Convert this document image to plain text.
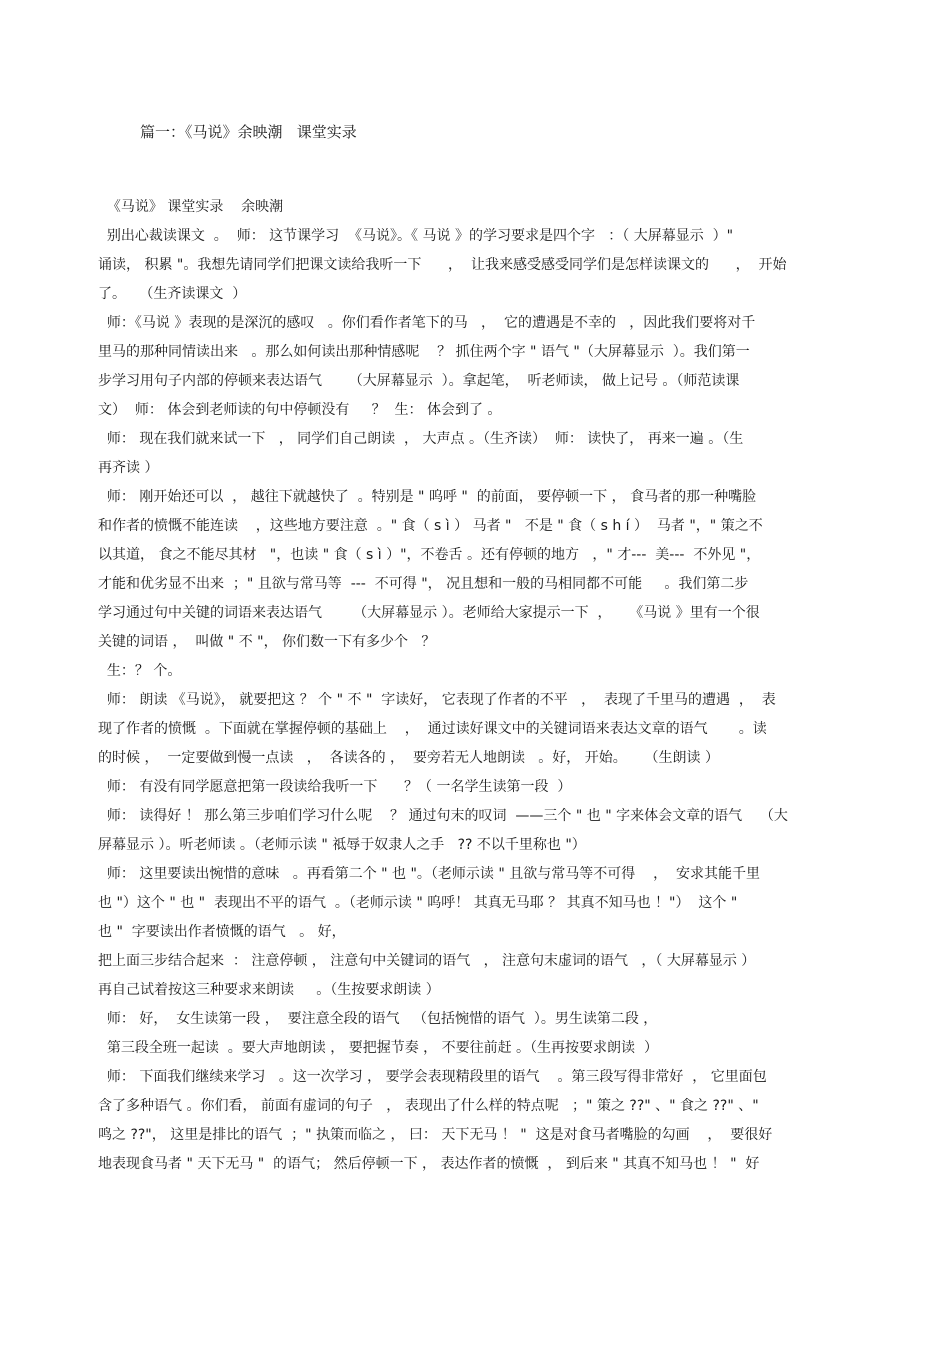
篇一：《马说》余映潮   课堂实录
《马说》 课堂实录    余映潮
别出心裁读课文  。  师： 这节课学习  《马说》。《 马说 》的学习要求是四个字   ：（ 大屏幕显示  ）"
诵读， 积累 "。我想先请同学们把课文读给我听一下      ，  让我来感受感受同学们是怎样读课文的      ，  开始
了。   （生齐读课文  ）
师：《马说 》表现的是深沉的感叹   。你们看作者笔下的马   ，  它的遭遇是不幸的   ，因此我们要将对千
里马的那种同情读出来   。那么如何读出那种情感呢    ？ 抓住两个字 " 语气 "（大屏幕显示  ）。我们第一
步学习用句子内部的停顿来表达语气      （大屏幕显示  ）。拿起笔，  听老师读， 做上记号 。（师范读课
文）  师： 体会到老师读的句中停顿没有     ？  生： 体会到了 。
师： 现在我们就来试一下   ， 同学们自己朗读  ， 大声点 。（生齐读）  师： 读快了， 再来一遍 。（生
再齐读 ）
师： 刚开始还可以  ， 越往下就越快了  。特别是 " 呜呼 "  的前面， 要停顿一下 ， 食马者的那一种嘴脸
和作者的愤慨不能连读    ，这些地方要注意  。" 食（ s ì ） 马者 "   不是 " 食（ s h í ）  马者 "，" 策之不
以其道， 食之不能尽其材   "，也读 " 食（ s ì ）"，不卷舌 。还有停顿的地方   ，" 才---  美---  不外见 "，
才能和优劣显不出来  ；" 且欲与常马等  ---  不可得 "， 况且想和一般的马相同都不可能     。我们第二步
学习通过句中关键的词语来表达语气       （大屏幕显示 ）。老师给大家提示一下  ，    《马说 》里有一个很
关键的词语 ，  叫做 " 不 "， 你们数一下有多少个   ？
生：？ 个。
师： 朗读 《马说》， 就要把这 ？ 个 " 不 "  字读好， 它表现了作者的不平   ，  表现了千里马的遭遇  ，  表
现了作者的愤慨  。下面就在掌握停顿的基础上    ，  通过读好课文中的关键词语来表达文章的语气       。读
的时候 ，  一定要做到慢一点读   ，  各读各的 ，  要旁若无人地朗读   。好， 开始。    （生朗读 ）
师： 有没有同学愿意把第一段读给我听一下      ？（ 一名学生读第一段  ）
师： 读得好 ！ 那么第三步咱们学习什么呢    ？ 通过句末的叹词  ——三个 " 也 " 字来体会文章的语气    （大
屏幕显示 ）。听老师读 。（老师示读 " 祗辱于奴隶人之手   ?? 不以千里称也 "）
师： 这里要读出惋惜的意味   。再看第二个 " 也 "。（老师示读 " 且欲与常马等不可得    ，  安求其能千里
也 "）这个 " 也 "  表现出不平的语气  。（老师示读 " 呜呼！ 其真无马耶 ？ 其真不知马也 ！"）  这个 "
也 "  字要读出作者愤慨的语气   。 好，
把上面三步结合起来  ： 注意停顿 ， 注意句中关键词的语气   ， 注意句末虚词的语气   ，（ 大屏幕显示 ）
再自己试着按这三种要求来朗读     。（生按要求朗读 ）
师： 好，  女生读第一段 ，  要注意全段的语气   （包括惋惜的语气  ）。男生读第二段 ，
第三段全班一起读  。要大声地朗读 ， 要把握节奏 ， 不要往前赶 。（生再按要求朗读  ）
师： 下面我们继续来学习   。这一次学习 ， 要学会表现精段里的语气    。第三段写得非常好  ， 它里面包
含了多种语气 。你们看， 前面有虚词的句子   ， 表现出了什么样的特点呢   ；" 策之 ??" 、" 食之 ??" 、"
鸣之 ??"， 这里是排比的语气  ；" 执策而临之 ， 曰： 天下无马 ！ "  这是对食马者嘴脸的勾画    ，  要很好
地表现食马者 " 天下无马 "  的语气； 然后停顿一下 ， 表达作者的愤慨  ， 到后来 " 其真不知马也 ！ "  好
